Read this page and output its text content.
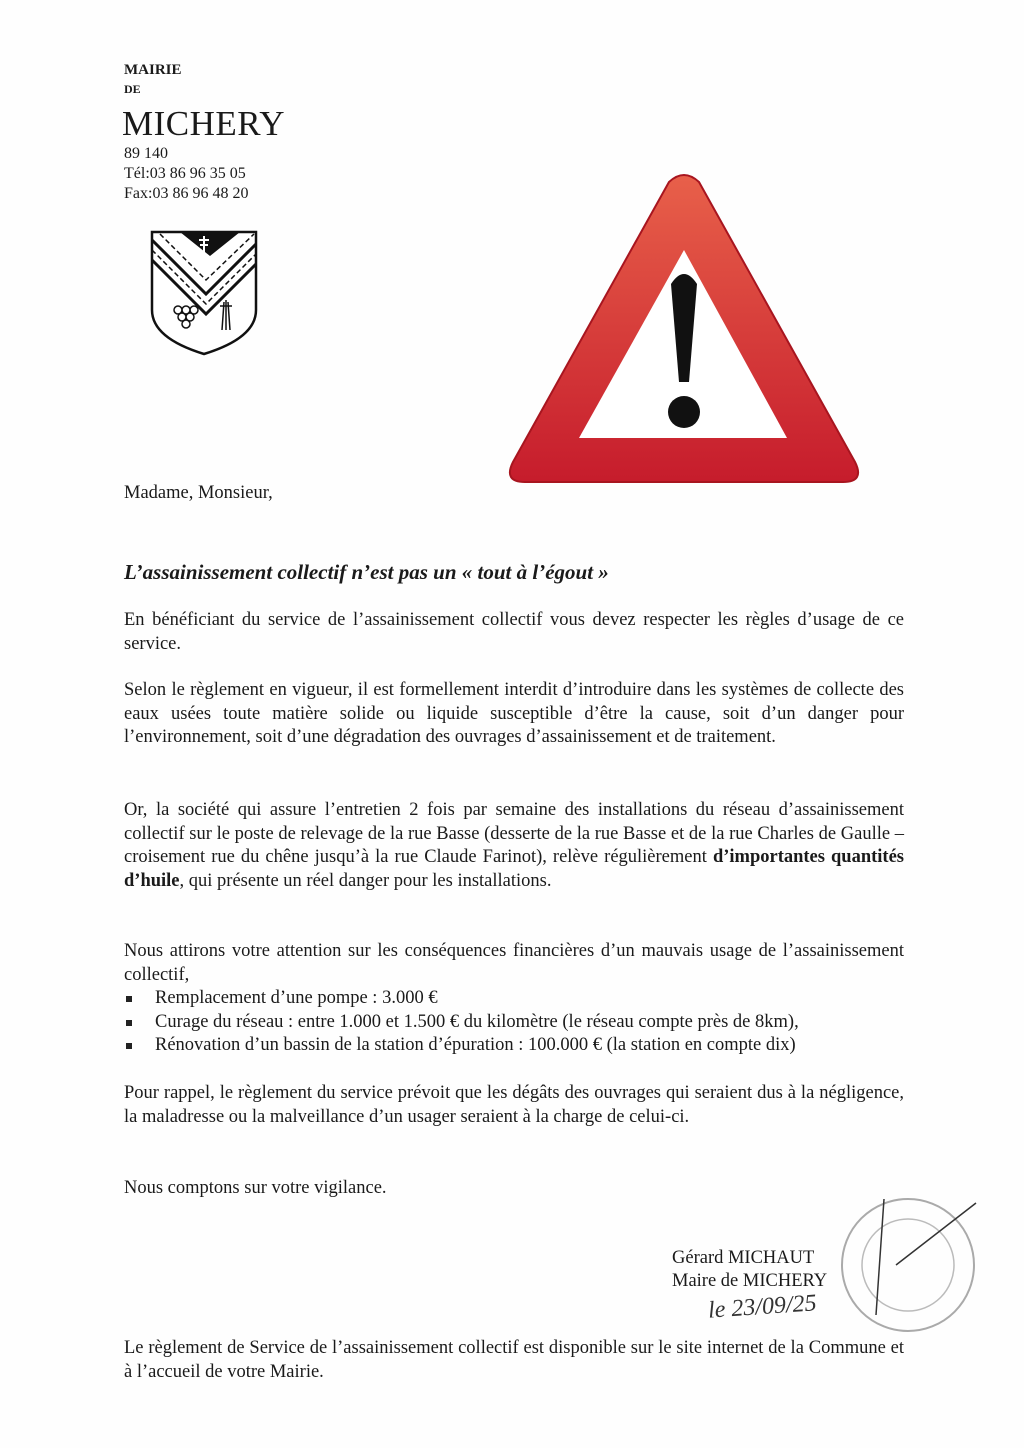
MAIRIE
DE
MICHERY
89 140
Tél:03 86 96 35 05
Fax:03 86 96 48 20
Madame, Monsieur,
L’assainissement collectif n’est pas un « tout à l’égout »
En bénéficiant du service de l’assainissement collectif vous devez respecter les règles d’usage de ce service.
Selon le règlement en vigueur, il est formellement interdit d’introduire dans les systèmes de collecte des eaux usées toute matière solide ou liquide susceptible d’être la cause, soit d’un danger pour l’environnement, soit d’une dégradation des ouvrages d’assainissement et de traitement.
Or, la société qui assure l’entretien 2 fois par semaine des installations du réseau d’assainissement collectif sur le poste de relevage de la rue Basse (desserte de la rue Basse et de la rue Charles de Gaulle – croisement rue du chêne jusqu’à la rue Claude Farinot), relève régulièrement d’importantes quantités d’huile, qui présente un réel danger pour les installations.
Nous attirons votre attention sur les conséquences financières d’un mauvais usage de l’assainissement collectif,
Remplacement d’une pompe : 3.000 €
Curage du réseau : entre 1.000 et 1.500 € du kilomètre (le réseau compte près de 8km),
Rénovation d’un bassin de la station d’épuration : 100.000 € (la station en compte dix)
Pour rappel, le règlement du service prévoit que les dégâts des ouvrages qui seraient dus à la négligence, la maladresse ou la malveillance d’un usager seraient à la charge de celui-ci.
Nous comptons sur votre vigilance.
Gérard MICHAUT
Maire de MICHERY
le 23/09/25
Le règlement de Service de l’assainissement collectif est disponible sur le site internet de la Commune et à l’accueil de votre Mairie.
